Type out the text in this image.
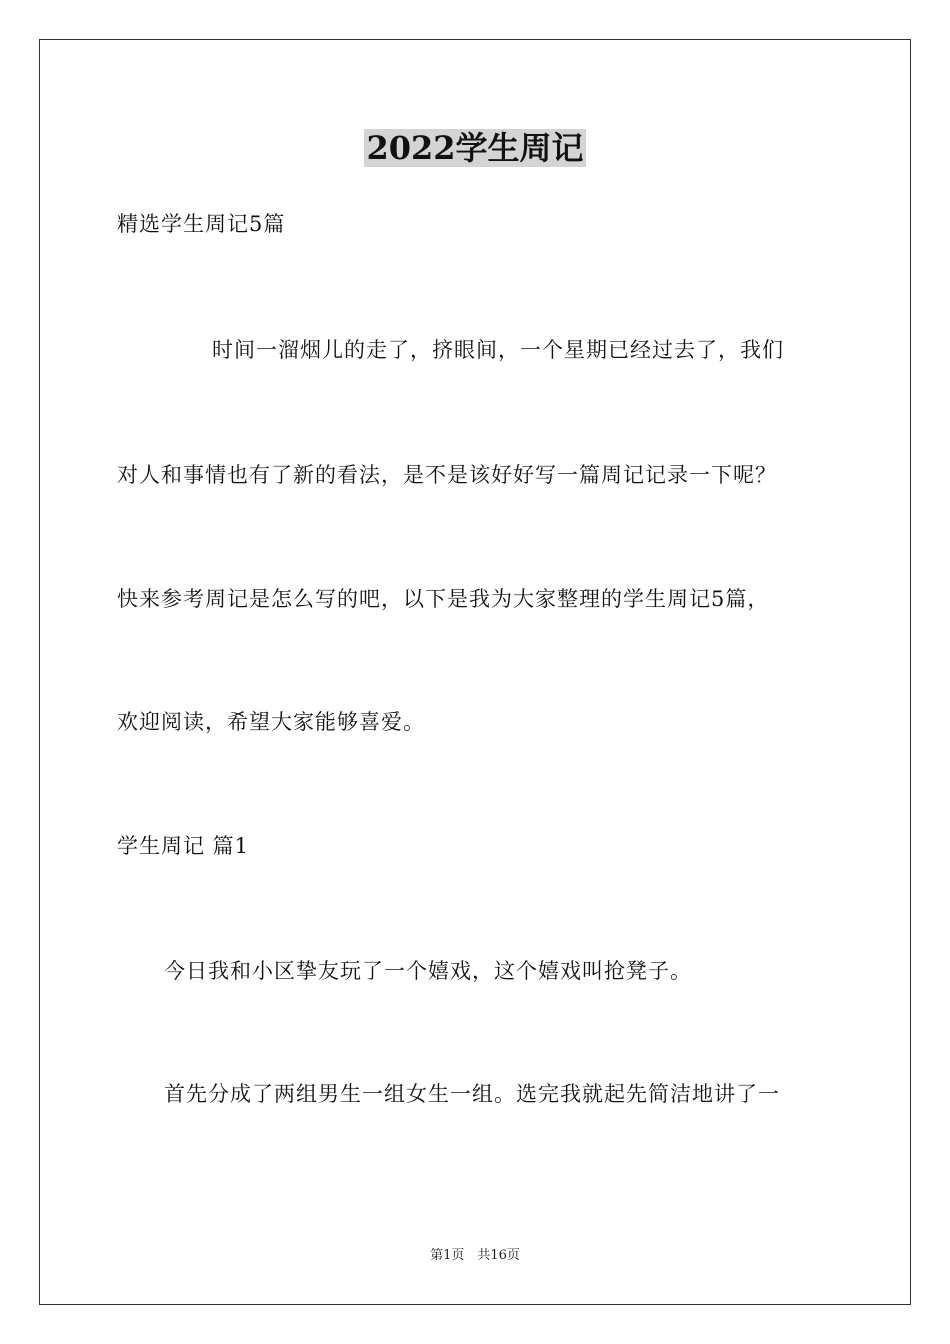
2022学生周记
精选学生周记5篇
时间一溜烟儿的走了，挤眼间，一个星期已经过去了，我们
对人和事情也有了新的看法，是不是该好好写一篇周记记录一下呢？
快来参考周记是怎么写的吧，以下是我为大家整理的学生周记5篇，
欢迎阅读，希望大家能够喜爱。
学生周记 篇1
今日我和小区挚友玩了一个嬉戏，这个嬉戏叫抢凳子。
首先分成了两组男生一组女生一组。选完我就起先简洁地讲了一
第1页　共16页
